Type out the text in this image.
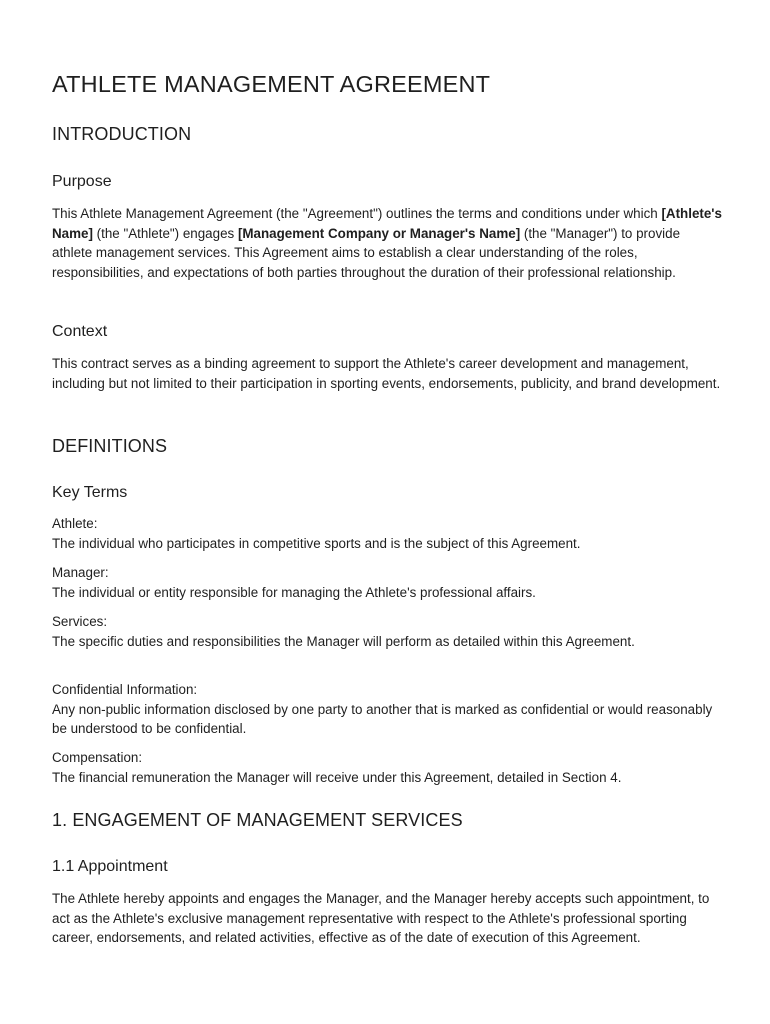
ATHLETE MANAGEMENT AGREEMENT
INTRODUCTION
Purpose

This Athlete Management Agreement (the "Agreement") outlines the terms and conditions under which [Athlete's Name] (the "Athlete") engages [Management Company or Manager's Name] (the "Manager") to provide athlete management services. This Agreement aims to establish a clear understanding of the roles, responsibilities, and expectations of both parties throughout the duration of their professional relationship.

Context

This contract serves as a binding agreement to support the Athlete's career development and management, including but not limited to their participation in sporting events, endorsements, publicity, and brand development.

DEFINITIONS
Key Terms
Athlete:
The individual who participates in competitive sports and is the subject of this Agreement.
Manager:
The individual or entity responsible for managing the Athlete's professional affairs.
Services:
The specific duties and responsibilities the Manager will perform as detailed within this Agreement.
Confidential Information:
Any non-public information disclosed by one party to another that is marked as confidential or would reasonably be understood to be confidential.
Compensation:
The financial remuneration the Manager will receive under this Agreement, detailed in Section 4.
1. ENGAGEMENT OF MANAGEMENT SERVICES
1.1 Appointment

The Athlete hereby appoints and engages the Manager, and the Manager hereby accepts such appointment, to act as the Athlete's exclusive management representative with respect to the Athlete's professional sporting career, endorsements, and related activities, effective as of the date of execution of this Agreement.
